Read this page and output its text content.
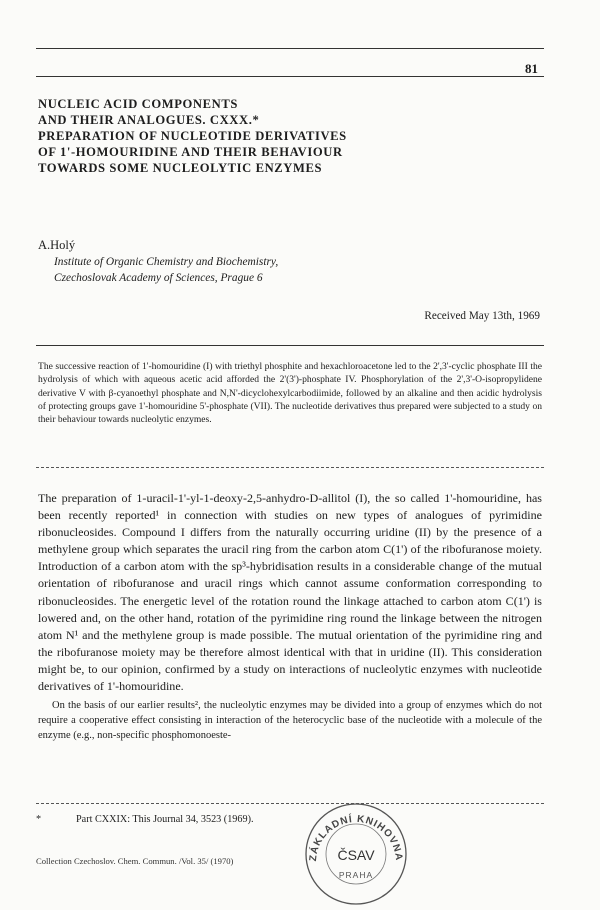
81

NUCLEIC ACID COMPONENTS

AND THEIR ANALOGUES. CXXX.*

PREPARATION OF NUCLEOTIDE DERIVATIVES

OF 1'-HOMOURIDINE AND THEIR BEHAVIOUR

TOWARDS SOME NUCLEOLYTIC ENZYMES

A.Holý
Institute of Organic Chemistry and Biochemistry,
Czechoslovak Academy of Sciences, Prague 6
Received May 13th, 1969

The successive reaction of 1'-homouridine (I) with triethyl phosphite and hexachloroacetone led to the 2',3'-cyclic phosphate III the hydrolysis of which with aqueous acetic acid afforded the 2'(3')-phosphate IV. Phosphorylation of the 2',3'-O-isopropylidene derivative V with β-cyanoethyl phosphate and N,N'-dicyclohexylcarbodiimide, followed by an alkaline and then acidic hydrolysis of protecting groups gave 1'-homouridine 5'-phosphate (VII). The nucleotide derivatives thus prepared were subjected to a study on their behaviour towards nucleolytic enzymes.

The preparation of 1-uracil-1'-yl-1-deoxy-2,5-anhydro-D-allitol (I), the so called 1'-homouridine, has been recently reported¹ in connection with studies on new types of analogues of pyrimidine ribonucleosides. Compound I differs from the naturally occurring uridine (II) by the presence of a methylene group which separates the uracil ring from the carbon atom C(1') of the ribofuranose moiety. Introduction of a carbon atom with the sp³-hybridisation results in a considerable change of the mutual orientation of ribofuranose and uracil rings which cannot assume conformation corresponding to ribonucleosides. The energetic level of the rotation round the linkage attached to carbon atom C(1') is lowered and, on the other hand, rotation of the pyrimidine ring round the linkage between the nitrogen atom N¹ and the methylene group is made possible. The mutual orientation of the pyrimidine ring and the ribofuranose moiety may be therefore almost identical with that in uridine (II). This consideration might be, to our opinion, confirmed by a study on interactions of nucleolytic enzymes with nucleotide derivatives of 1'-homouridine.

On the basis of our earlier results², the nucleolytic enzymes may be divided into a group of enzymes which do not require a cooperative effect consisting in interaction of the heterocyclic base of the nucleotide with a molecule of the enzyme (e.g., non-specific phosphomonoeste-

*	Part CXXIX: This Journal 34, 3523 (1969).
Collection Czechoslov. Chem. Commun. /Vol. 35/ (1970)	ZÁKLADNÍ KNIHOVNA
ČSAV
PRAHA
